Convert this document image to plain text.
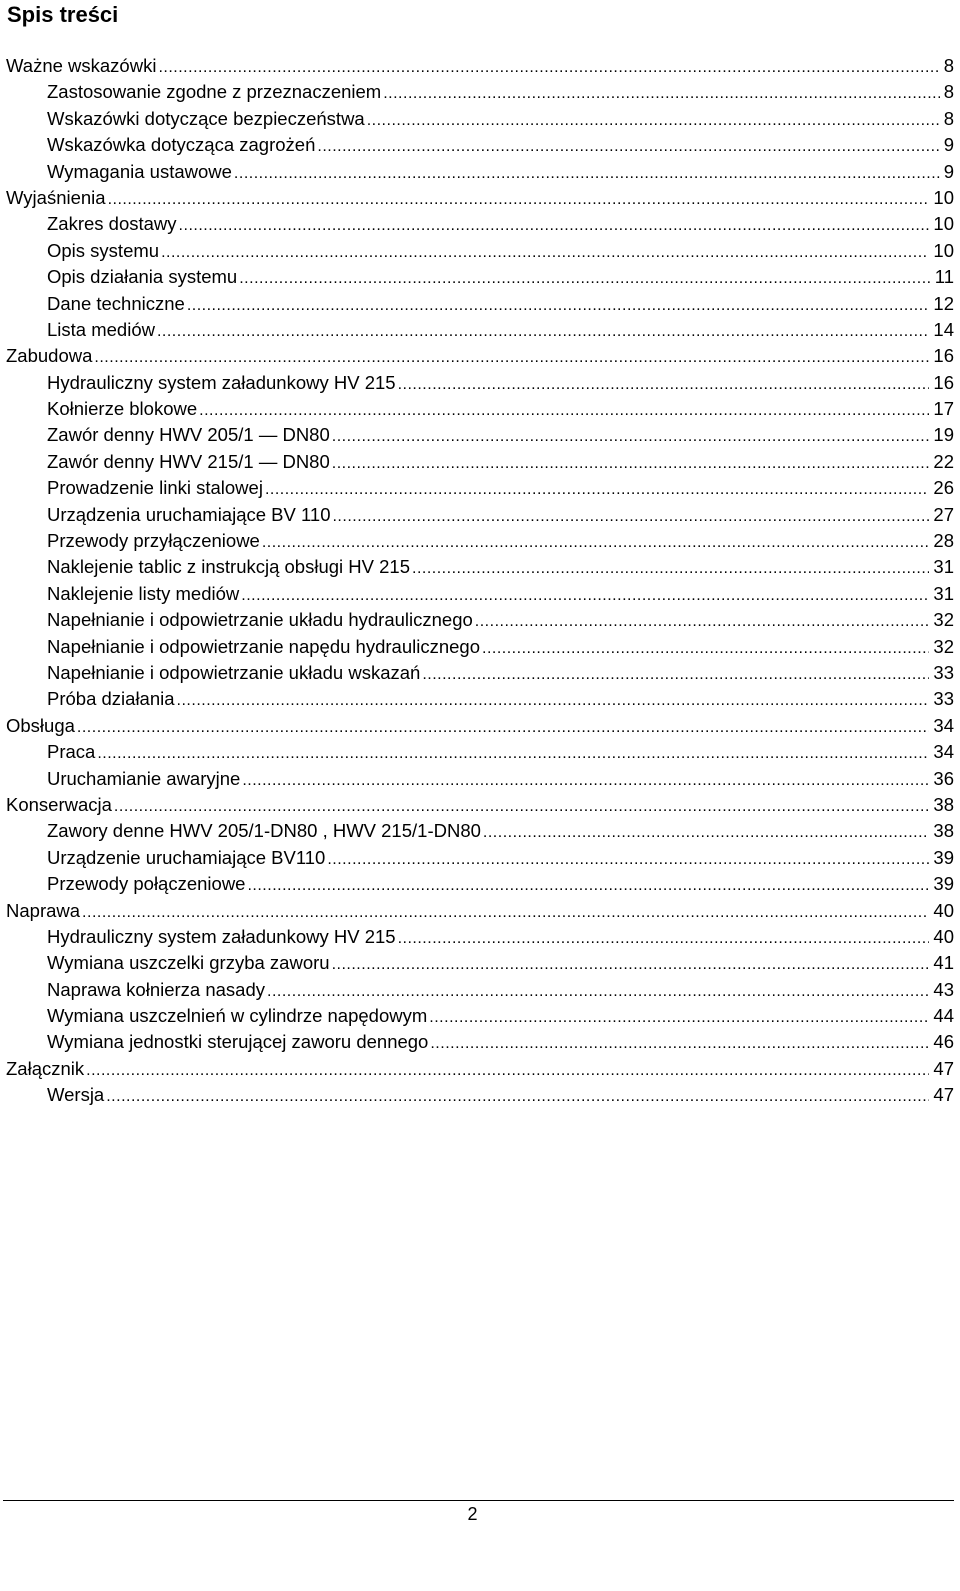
Spis treści
Ważne wskazówki .....	8
Zastosowanie zgodne z przeznaczeniem .....	8
Wskazówki dotyczące bezpieczeństwa .....	8
Wskazówka dotycząca zagrożeń .....	9
Wymagania ustawowe .....	9
Wyjaśnienia .....	10
Zakres dostawy .....	10
Opis systemu .....	10
Opis działania systemu .....	11
Dane techniczne .....	12
Lista mediów .....	14
Zabudowa .....	16
Hydrauliczny system załadunkowy HV 215 .....	16
Kołnierze blokowe .....	17
Zawór denny HWV 205/1 — DN80 .....	19
Zawór denny HWV 215/1 — DN80 .....	22
Prowadzenie linki stalowej .....	26
Urządzenia uruchamiające BV 110 .....	27
Przewody przyłączeniowe .....	28
Naklejenie tablic z instrukcją obsługi HV 215 .....	31
Naklejenie listy mediów .....	31
Napełnianie i odpowietrzanie układu hydraulicznego .....	32
Napełnianie i odpowietrzanie napędu hydraulicznego .....	32
Napełnianie i odpowietrzanie układu wskazań .....	33
Próba działania .....	33
Obsługa .....	34
Praca .....	34
Uruchamianie awaryjne .....	36
Konserwacja .....	38
Zawory denne HWV 205/1-DN80 , HWV 215/1-DN80 .....	38
Urządzenie uruchamiające BV110 .....	39
Przewody połączeniowe .....	39
Naprawa .....	40
Hydrauliczny system załadunkowy HV 215 .....	40
Wymiana uszczelki grzyba zaworu .....	41
Naprawa kołnierza nasady .....	43
Wymiana uszczelnień w cylindrze napędowym .....	44
Wymiana jednostki sterującej zaworu dennego .....	46
Załącznik .....	47
Wersja .....	47
2
